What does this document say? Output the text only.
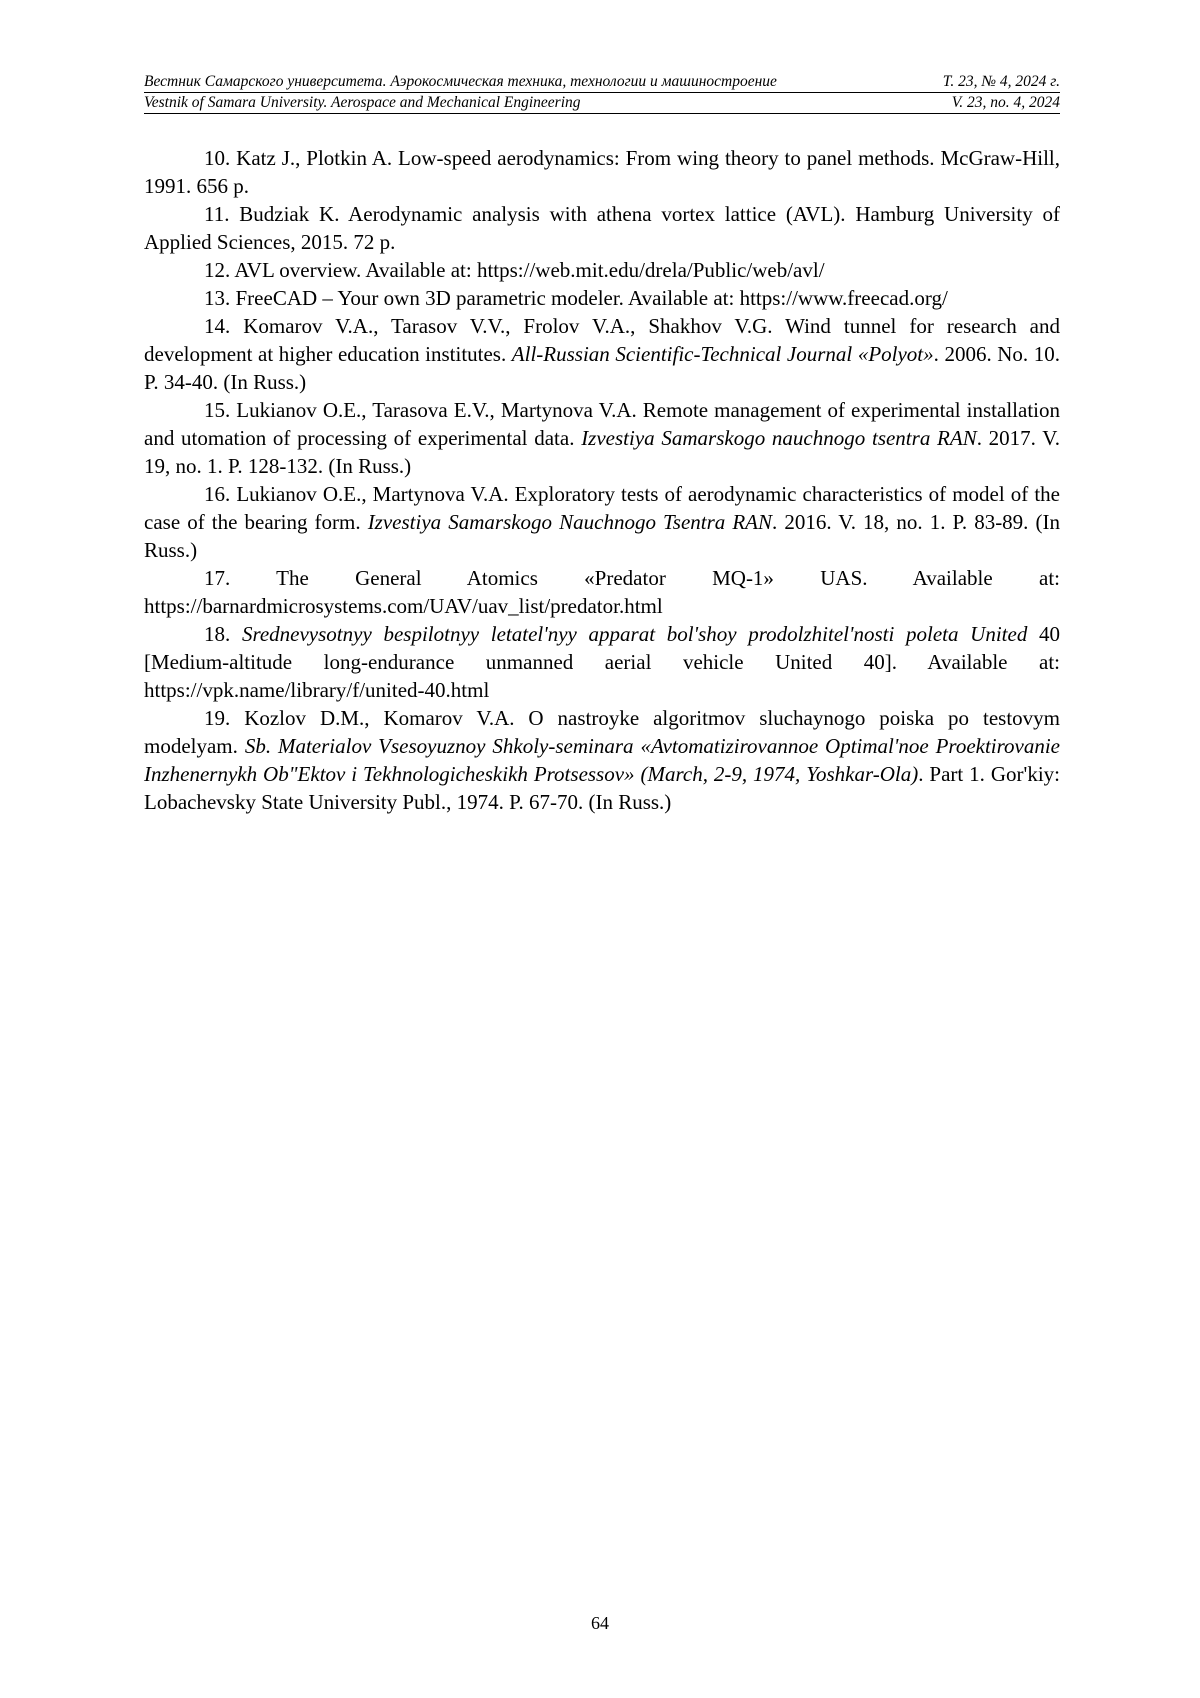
Вестник Самарского университета. Аэрокосмическая техника, технологии и машиностроение	Т. 23, № 4, 2024 г.
Vestnik of Samara University. Aerospace and Mechanical Engineering	V. 23, no. 4, 2024

10. Katz J., Plotkin A. Low-speed aerodynamics: From wing theory to panel methods. McGraw-Hill, 1991. 656 p.

11. Budziak K. Aerodynamic analysis with athena vortex lattice (AVL). Hamburg University of Applied Sciences, 2015. 72 p.

12. AVL overview. Available at: https://web.mit.edu/drela/Public/web/avl/

13. FreeCAD – Your own 3D parametric modeler. Available at: https://www.freecad.org/

14. Komarov V.A., Tarasov V.V., Frolov V.A., Shakhov V.G. Wind tunnel for research and development at higher education institutes. All-Russian Scientific-Technical Journal «Polyot». 2006. No. 10. P. 34-40. (In Russ.)

15. Lukianov O.E., Tarasova E.V., Martynova V.A. Remote management of experimental installation and utomation of processing of experimental data. Izvestiya Samarskogo nauchnogo tsentra RAN. 2017. V. 19, no. 1. P. 128-132. (In Russ.)

16. Lukianov O.E., Martynova V.A. Exploratory tests of aerodynamic characteristics of model of the case of the bearing form. Izvestiya Samarskogo Nauchnogo Tsentra RAN. 2016. V. 18, no. 1. P. 83-89. (In Russ.)

17. The General Atomics «Predator MQ-1» UAS. Available at: https://barnardmicrosystems.com/UAV/uav_list/predator.html

18. Srednevysotnyy bespilotnyy letatel'nyy apparat bol'shoy prodolzhitel'nosti poleta United 40 [Medium-altitude long-endurance unmanned aerial vehicle United 40]. Available at: https://vpk.name/library/f/united-40.html

19. Kozlov D.M., Komarov V.A. O nastroyke algoritmov sluchaynogo poiska po testovym modelyam. Sb. Materialov Vsesoyuznoy Shkoly-seminara «Avtomatizirovannoe Optimal'noe Proektirovanie Inzhenernykh Ob"Ektov i Tekhnologicheskikh Protsessov» (March, 2-9, 1974, Yoshkar-Ola). Part 1. Gor'kiy: Lobachevsky State University Publ., 1974. P. 67-70. (In Russ.)

64
